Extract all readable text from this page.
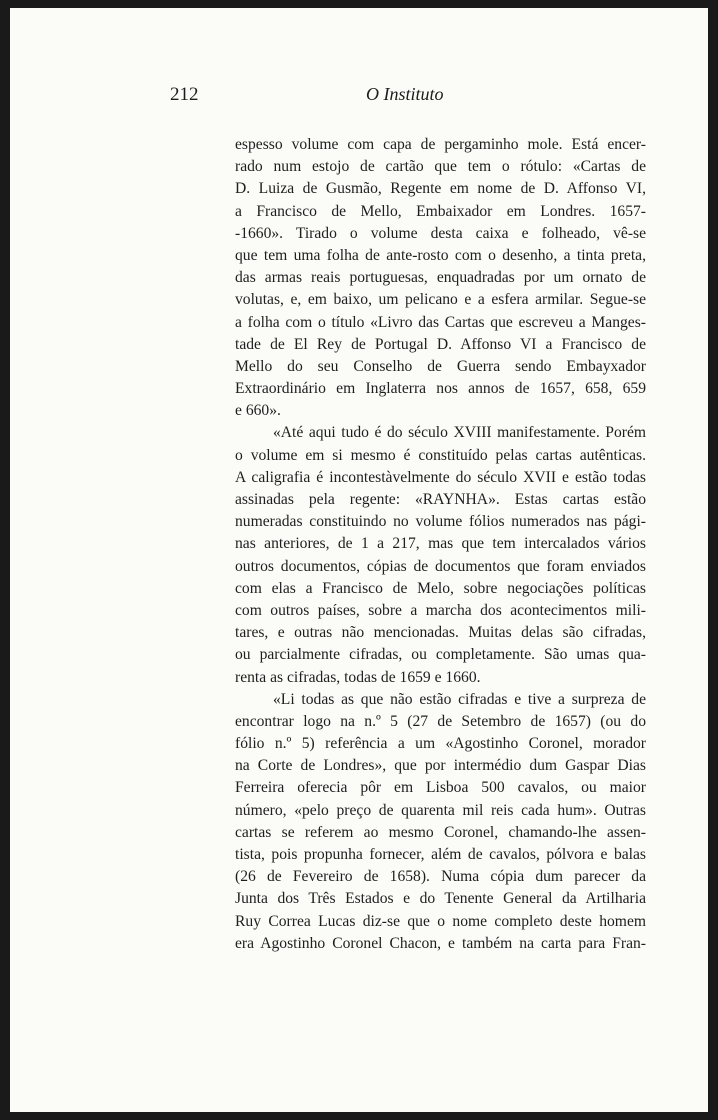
212	O Instituto
espesso volume com capa de pergaminho mole. Está encer-
rado num estojo de cartão que tem o rótulo: «Cartas de
D. Luiza de Gusmão, Regente em nome de D. Affonso VI,
a Francisco de Mello, Embaixador em Londres. 1657-
-1660». Tirado o volume desta caixa e folheado, vê-se
que tem uma folha de ante-rosto com o desenho, a tinta preta,
das armas reais portuguesas, enquadradas por um ornato de
volutas, e, em baixo, um pelicano e a esfera armilar. Segue-se
a folha com o título «Livro das Cartas que escreveu a Manges-
tade de El Rey de Portugal D. Affonso VI a Francisco de
Mello do seu Conselho de Guerra sendo Embayxador
Extraordinário em Inglaterra nos annos de 1657, 658, 659
e 660».
«Até aqui tudo é do século XVIII manifestamente. Porém
o volume em si mesmo é constituído pelas cartas autênticas.
A caligrafia é incontestàvelmente do século XVII e estão todas
assinadas pela regente: «RAYNHA». Estas cartas estão
numeradas constituindo no volume fólios numerados nas pági-
nas anteriores, de 1 a 217, mas que tem intercalados vários
outros documentos, cópias de documentos que foram enviados
com elas a Francisco de Melo, sobre negociações políticas
com outros países, sobre a marcha dos acontecimentos mili-
tares, e outras não mencionadas. Muitas delas são cifradas,
ou parcialmente cifradas, ou completamente. São umas qua-
renta as cifradas, todas de 1659 e 1660.
«Li todas as que não estão cifradas e tive a surpreza de
encontrar logo na n.º 5 (27 de Setembro de 1657) (ou do
fólio n.º 5) referência a um «Agostinho Coronel, morador
na Corte de Londres», que por intermédio dum Gaspar Dias
Ferreira oferecia pôr em Lisboa 500 cavalos, ou maior
número, «pelo preço de quarenta mil reis cada hum». Outras
cartas se referem ao mesmo Coronel, chamando-lhe assen-
tista, pois propunha fornecer, além de cavalos, pólvora e balas
(26 de Fevereiro de 1658). Numa cópia dum parecer da
Junta dos Três Estados e do Tenente General da Artilharia
Ruy Correa Lucas diz-se que o nome completo deste homem
era Agostinho Coronel Chacon, e também na carta para Fran-
